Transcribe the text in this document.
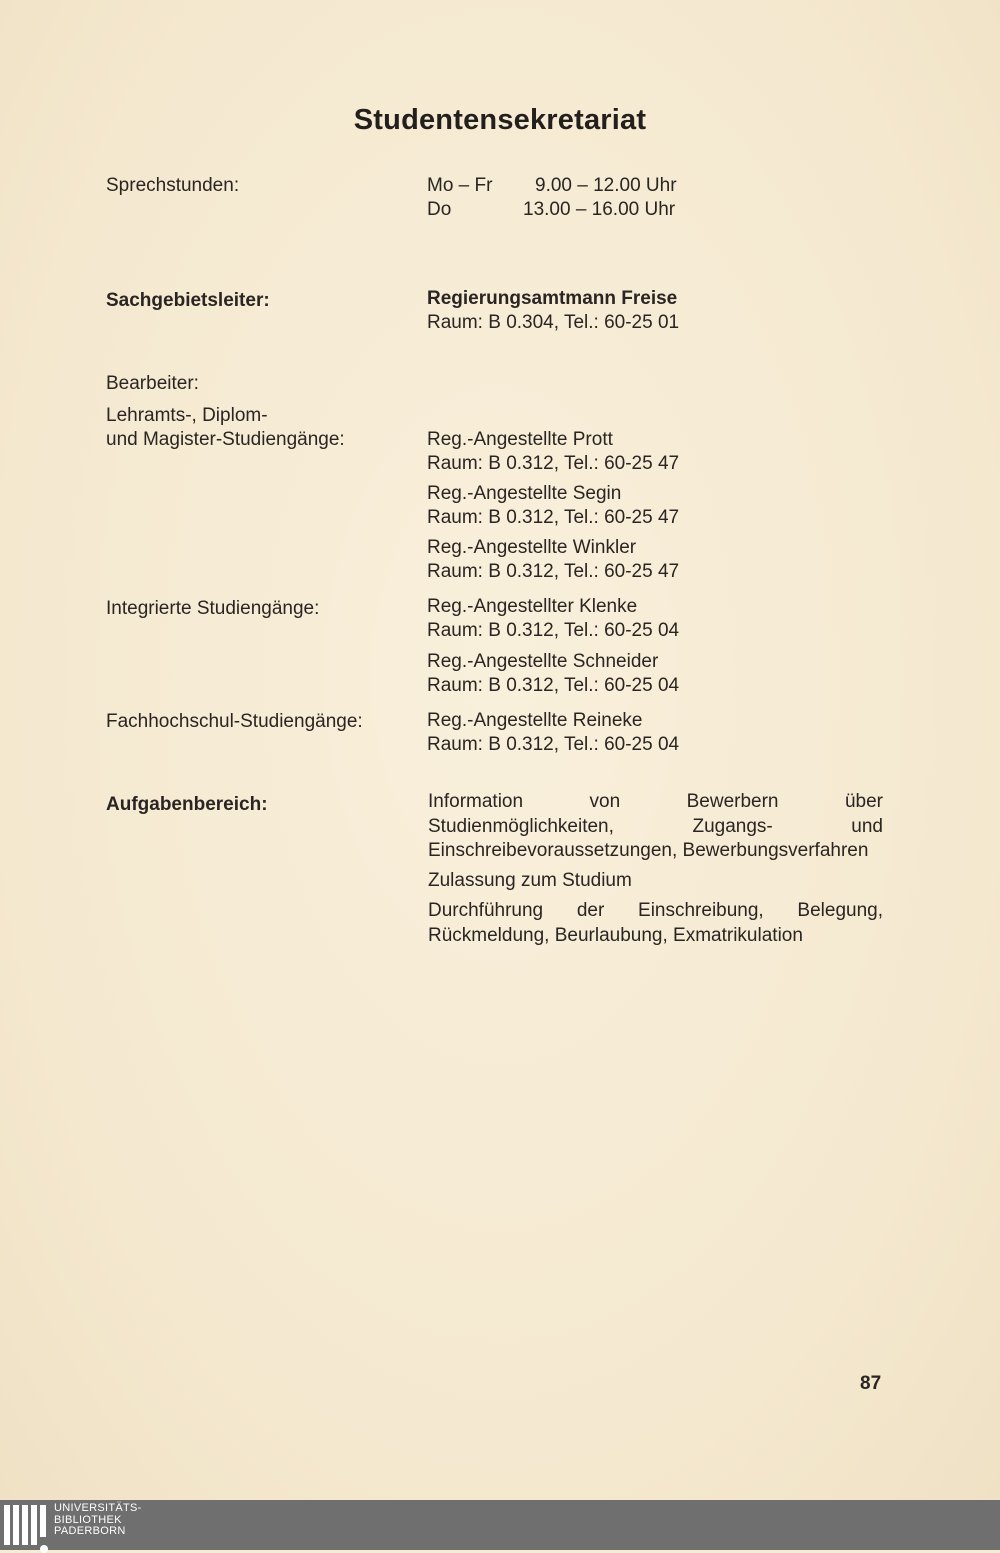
Studentensekretariat
Sprechstunden:	Mo – Fr 9.00 – 12.00 Uhr
Do	13.00 – 16.00 Uhr
Sachgebietsleiter:	Regierungsamtmann Freise
Raum: B 0.304, Tel.: 60-25 01
Bearbeiter:
Lehramts-, Diplom-
und Magister-Studiengänge:	Reg.-Angestellte Prott
Raum: B 0.312, Tel.: 60-25 47
Reg.-Angestellte Segin
Raum: B 0.312, Tel.: 60-25 47
Reg.-Angestellte Winkler
Raum: B 0.312, Tel.: 60-25 47
Integrierte Studiengänge:	Reg.-Angestellter Klenke
Raum: B 0.312, Tel.: 60-25 04
Reg.-Angestellte Schneider
Raum: B 0.312, Tel.: 60-25 04
Fachhochschul-Studiengänge:	Reg.-Angestellte Reineke
Raum: B 0.312, Tel.: 60-25 04
Aufgabenbereich:	Information von Bewerbern über Studienmöglichkeiten, Zugangs- und Einschreibevoraussetzungen, Bewerbungsverfahren
Zulassung zum Studium
Durchführung der Einschreibung, Belegung, Rückmeldung, Beurlaubung, Exmatrikulation
87
UNIVERSITÄTS-
BIBLIOTHEK
PADERBORN
